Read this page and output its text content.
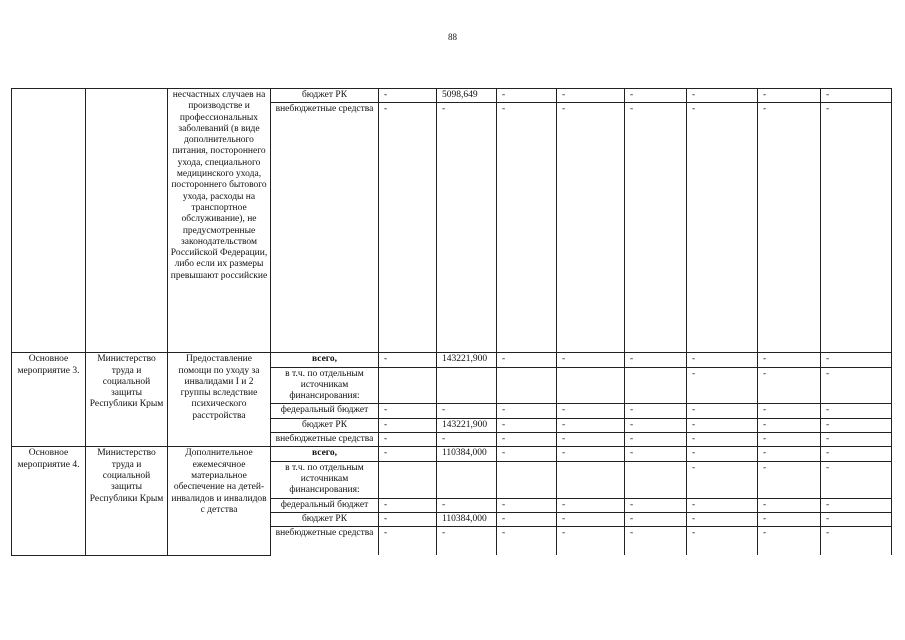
88
		несчастных случаев на производстве и профессиональных заболеваний (в виде дополнительного питания, постороннего ухода, специального медицинского ухода, постороннего бытового ухода, расходы на транспортное обслуживание), не предусмотренные законодательством Российской Федерации, либо если их размеры превышают российские	бюджет РК	-	5098,649	-	-	-	-	-	-
			внебюджетные средства	-	-	-	-	-	-	-	-
Основное мероприятие 3.	Министерство труда и социальной защиты Республики Крым	Предоставление помощи по уходу за инвалидами I и 2 группы вследствие психического расстройства	всего,	-	143221,900	-	-	-	-	-	-
			в т.ч. по отдельным источникам финансирования:						-	-	-
			федеральный бюджет	-	-	-	-	-	-	-	-
			бюджет РК	-	143221,900	-	-	-	-	-	-
			внебюджетные средства	-	-	-	-	-	-	-	-
Основное мероприятие 4.	Министерство труда и социальной защиты Республики Крым	Дополнительное ежемесячное материальное обеспечение на детей-инвалидов и инвалидов с детства	всего,	-	110384,000	-	-	-	-	-	-
			в т.ч. по отдельным источникам финансирования:						-	-	-
			федеральный бюджет	-	-	-	-	-	-	-	-
			бюджет РК	-	110384,000	-	-	-	-	-	-
			внебюджетные средства	-	-	-	-	-	-	-	-
